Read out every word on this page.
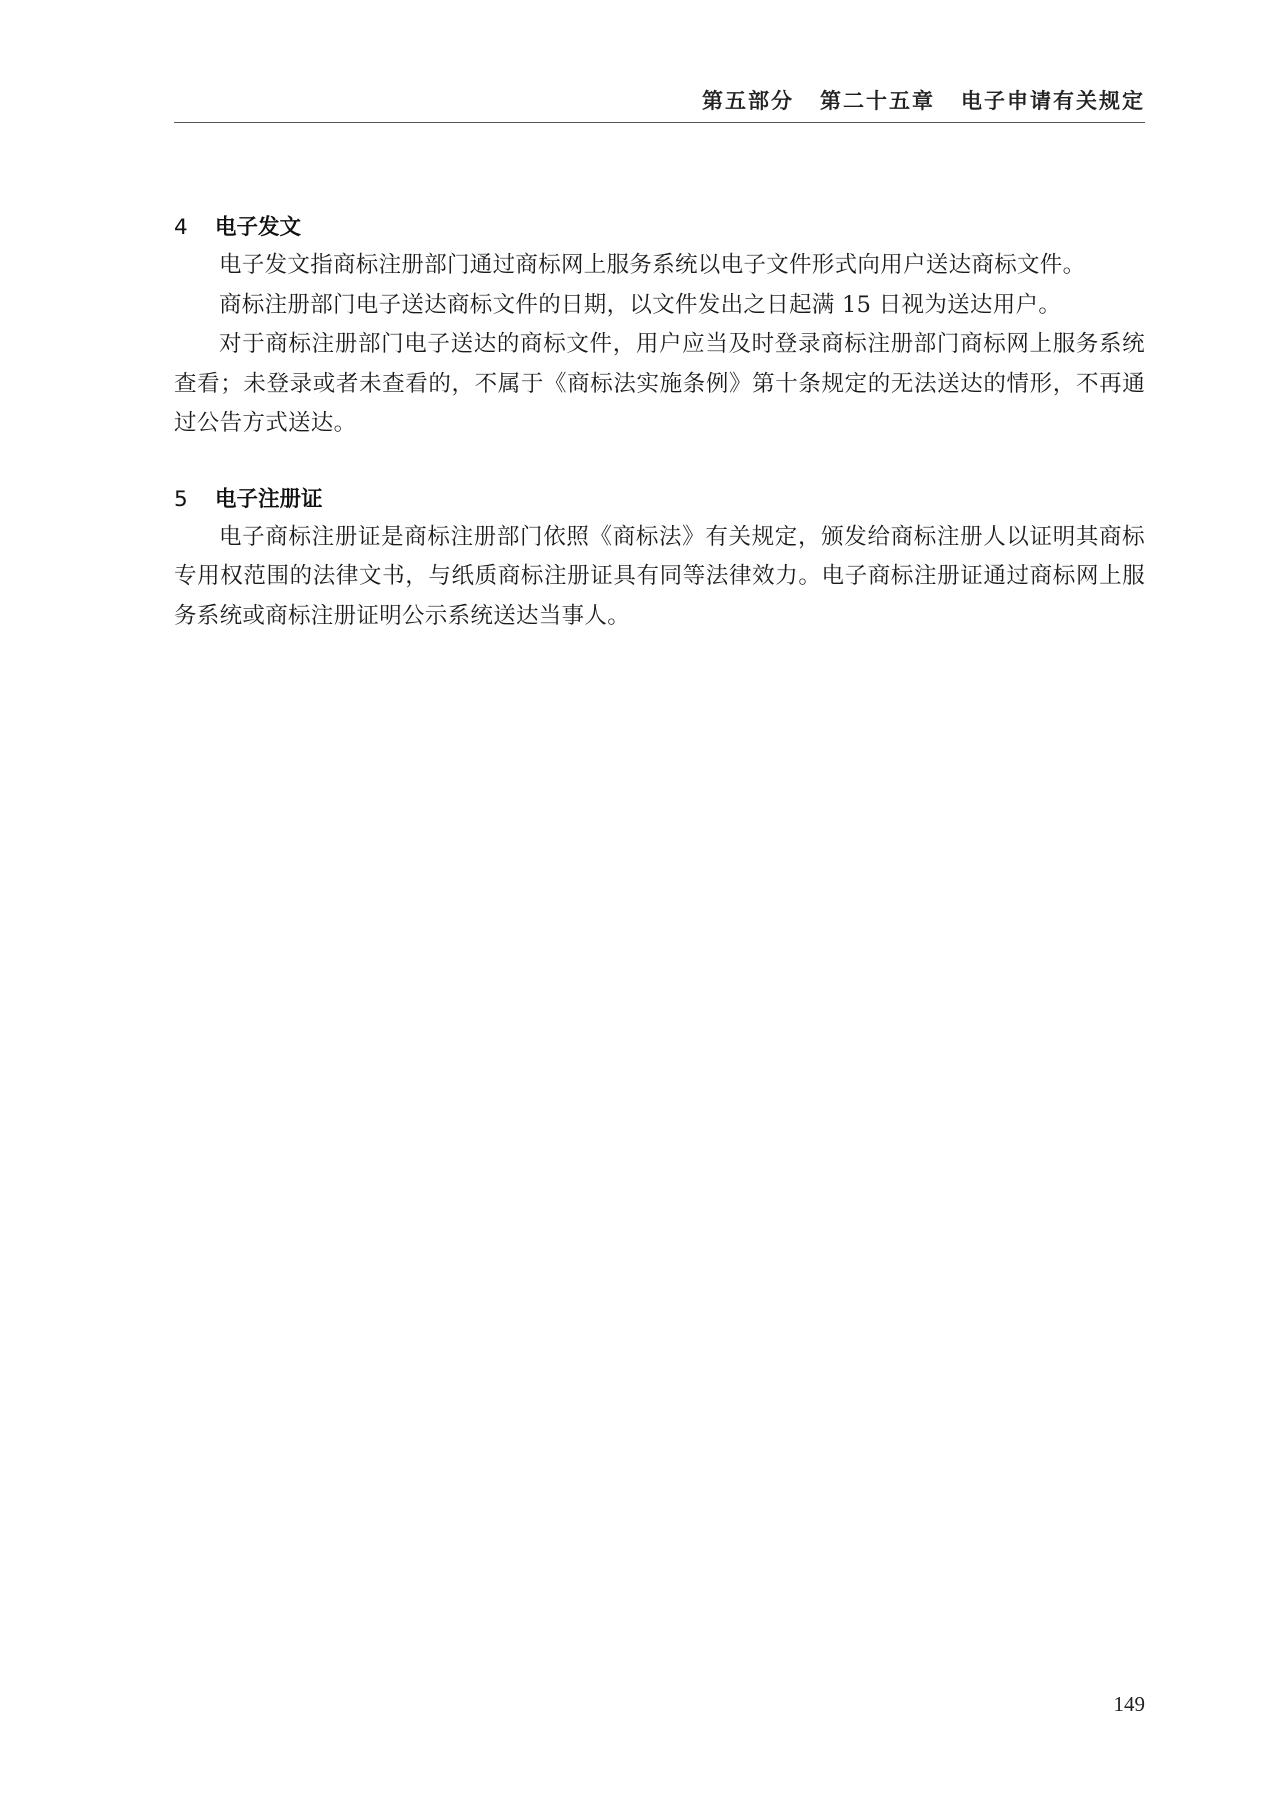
第五部分 第二十五章 电子申请有关规定
4 电子发文

电子发文指商标注册部门通过商标网上服务系统以电子文件形式向用户送达商标文件。

商标注册部门电子送达商标文件的日期，以文件发出之日起满 15 日视为送达用户。

对于商标注册部门电子送达的商标文件，用户应当及时登录商标注册部门商标网上服务系统查看；未登录或者未查看的，不属于《商标法实施条例》第十条规定的无法送达的情形，不再通过公告方式送达。

5 电子注册证

电子商标注册证是商标注册部门依照《商标法》有关规定，颁发给商标注册人以证明其商标专用权范围的法律文书，与纸质商标注册证具有同等法律效力。电子商标注册证通过商标网上服务系统或商标注册证明公示系统送达当事人。

149
